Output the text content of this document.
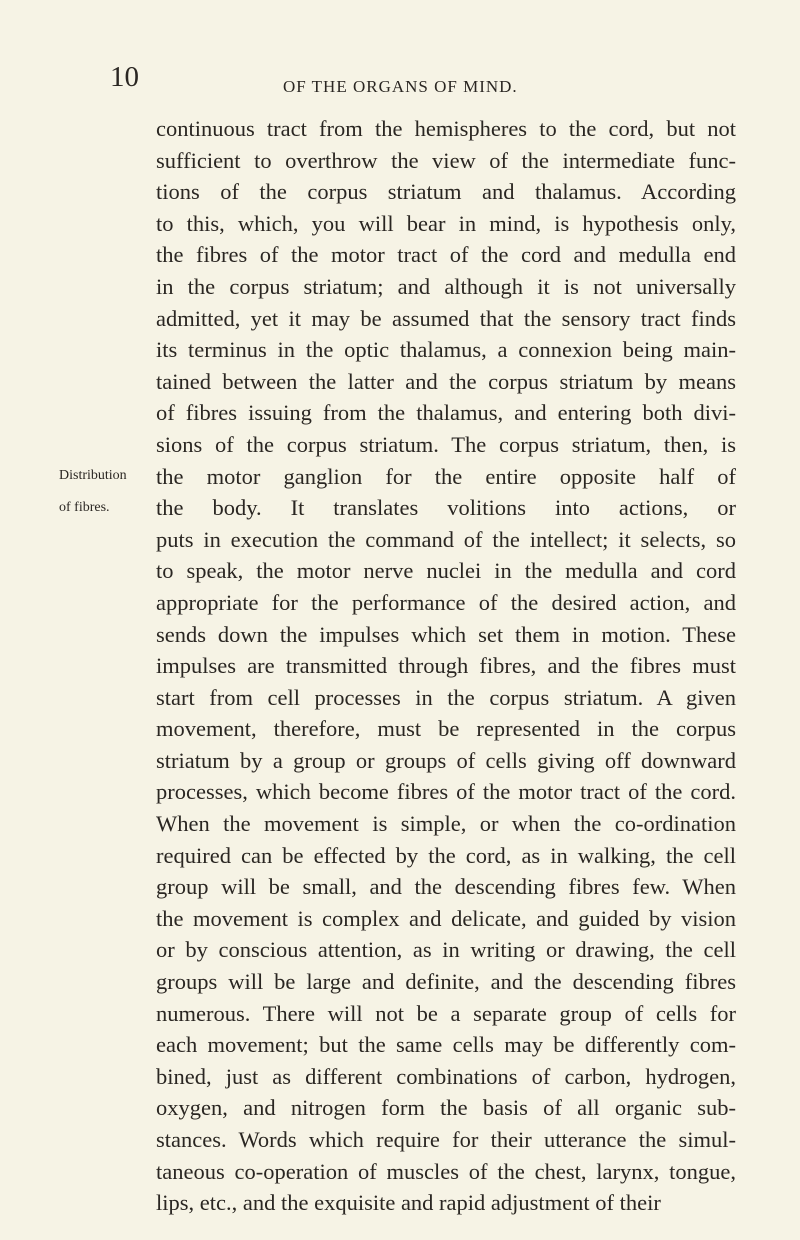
10	OF THE ORGANS OF MIND.
Distribution
of fibres.
continuous tract from the hemispheres to the cord, but not
sufficient to overthrow the view of the intermediate func-
tions of the corpus striatum and thalamus. According
to this, which, you will bear in mind, is hypothesis only,
the fibres of the motor tract of the cord and medulla end
in the corpus striatum; and although it is not universally
admitted, yet it may be assumed that the sensory tract finds
its terminus in the optic thalamus, a connexion being main-
tained between the latter and the corpus striatum by means
of fibres issuing from the thalamus, and entering both divi-
sions of the corpus striatum. The corpus striatum, then, is
the motor ganglion for the entire opposite half of
the body. It translates volitions into actions, or
puts in execution the command of the intellect; it selects, so
to speak, the motor nerve nuclei in the medulla and cord
appropriate for the performance of the desired action, and
sends down the impulses which set them in motion. These
impulses are transmitted through fibres, and the fibres must
start from cell processes in the corpus striatum. A given
movement, therefore, must be represented in the corpus
striatum by a group or groups of cells giving off downward
processes, which become fibres of the motor tract of the cord.
When the movement is simple, or when the co-ordination
required can be effected by the cord, as in walking, the cell
group will be small, and the descending fibres few. When
the movement is complex and delicate, and guided by vision
or by conscious attention, as in writing or drawing, the cell
groups will be large and definite, and the descending fibres
numerous. There will not be a separate group of cells for
each movement; but the same cells may be differently com-
bined, just as different combinations of carbon, hydrogen,
oxygen, and nitrogen form the basis of all organic sub-
stances. Words which require for their utterance the simul-
taneous co-operation of muscles of the chest, larynx, tongue,
lips, etc., and the exquisite and rapid adjustment of their
